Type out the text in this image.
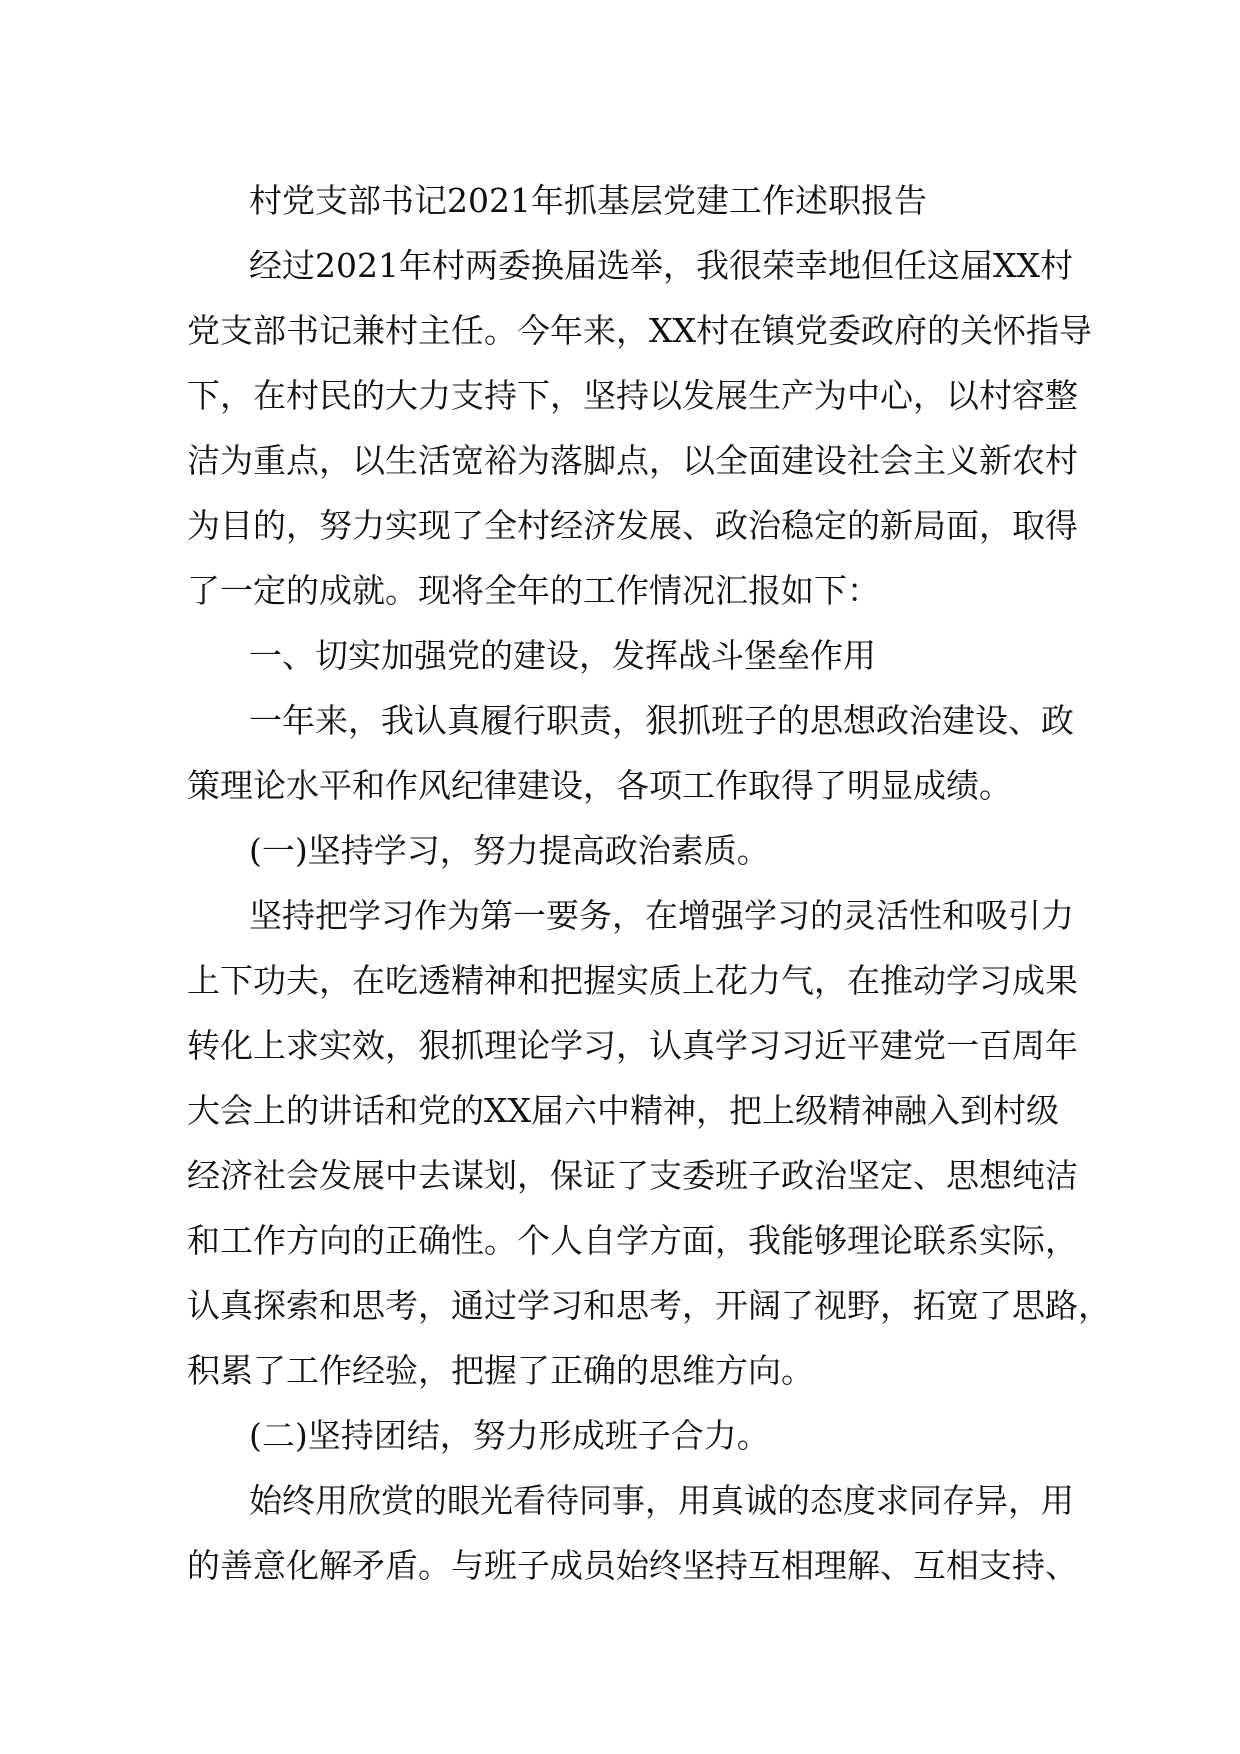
村党支部书记2021年抓基层党建工作述职报告
经过2021年村两委换届选举，我很荣幸地但任这届XX村
党支部书记兼村主任。今年来，XX村在镇党委政府的关怀指导
下，在村民的大力支持下，坚持以发展生产为中心，以村容整
洁为重点，以生活宽裕为落脚点，以全面建设社会主义新农村
为目的，努力实现了全村经济发展、政治稳定的新局面，取得
了一定的成就。现将全年的工作情况汇报如下：
一、切实加强党的建设，发挥战斗堡垒作用
一年来，我认真履行职责，狠抓班子的思想政治建设、政
策理论水平和作风纪律建设，各项工作取得了明显成绩。
(一)坚持学习，努力提高政治素质。
坚持把学习作为第一要务，在增强学习的灵活性和吸引力
上下功夫，在吃透精神和把握实质上花力气，在推动学习成果
转化上求实效，狠抓理论学习，认真学习习近平建党一百周年
大会上的讲话和党的XX届六中精神，把上级精神融入到村级
经济社会发展中去谋划，保证了支委班子政治坚定、思想纯洁
和工作方向的正确性。个人自学方面，我能够理论联系实际，
认真探索和思考，通过学习和思考，开阔了视野，拓宽了思路，
积累了工作经验，把握了正确的思维方向。
(二)坚持团结，努力形成班子合力。
始终用欣赏的眼光看待同事，用真诚的态度求同存异，用
的善意化解矛盾。与班子成员始终坚持互相理解、互相支持、
